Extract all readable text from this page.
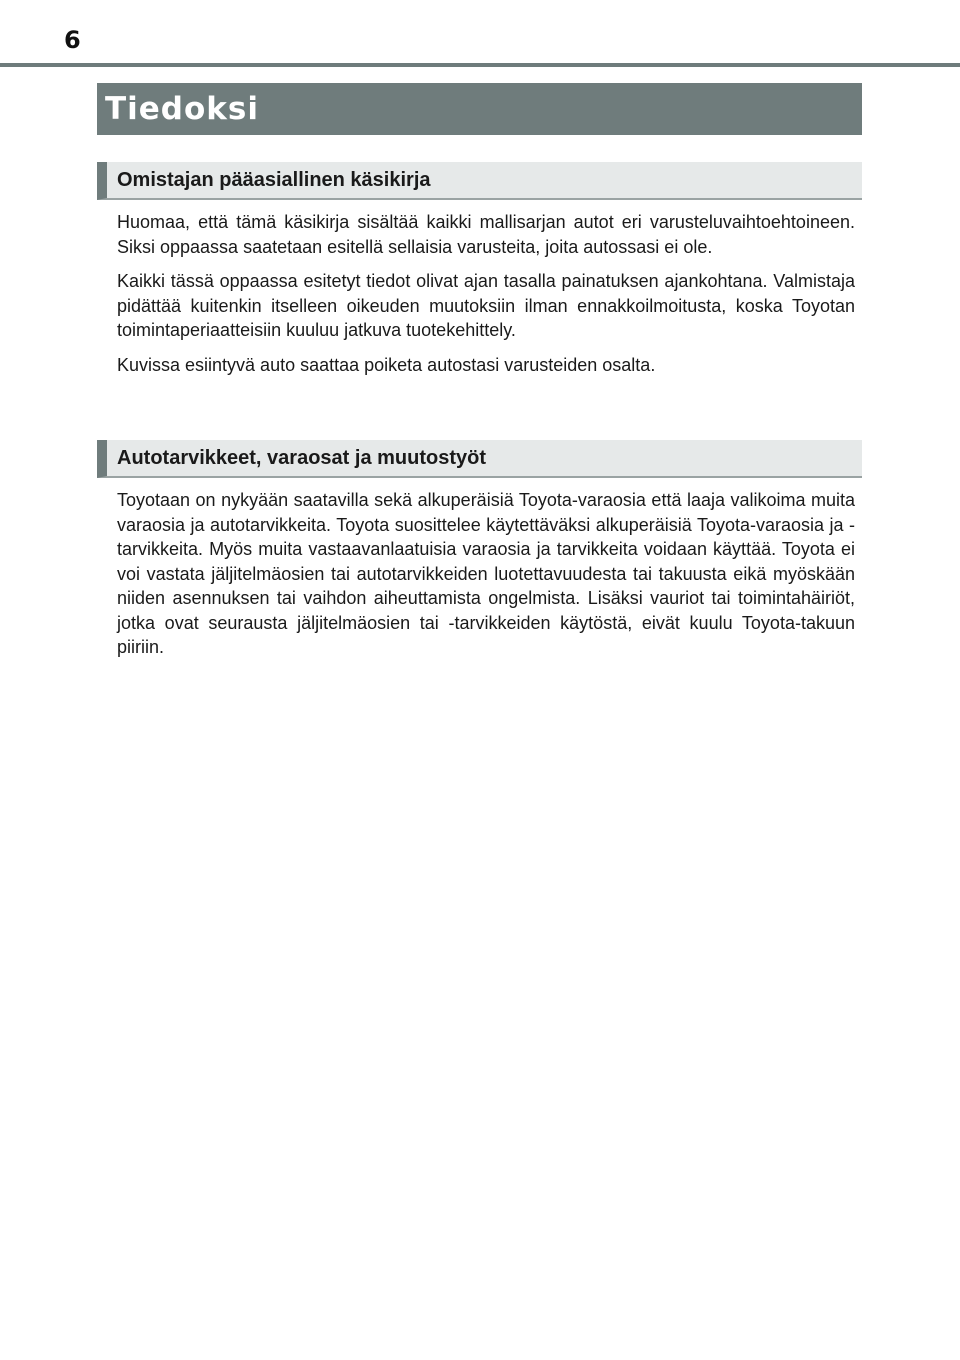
6
Tiedoksi
Omistajan pääasiallinen käsikirja

Huomaa, että tämä käsikirja sisältää kaikki mallisarjan autot eri varusteluvaihtoehtoineen. Siksi oppaassa saatetaan esitellä sellaisia varusteita, joita autossasi ei ole.

Kaikki tässä oppaassa esitetyt tiedot olivat ajan tasalla painatuksen ajankohtana. Valmistaja pidättää kuitenkin itselleen oikeuden muutoksiin ilman ennakkoilmoitusta, koska Toyotan toimintaperiaatteisiin kuuluu jatkuva tuotekehittely.

Kuvissa esiintyvä auto saattaa poiketa autostasi varusteiden osalta.

Autotarvikkeet, varaosat ja muutostyöt

Toyotaan on nykyään saatavilla sekä alkuperäisiä Toyota-varaosia että laaja valikoima muita varaosia ja autotarvikkeita. Toyota suosittelee käytettäväksi alkuperäisiä Toyota-varaosia ja -tarvikkeita. Myös muita vastaavanlaatuisia varaosia ja tarvikkeita voidaan käyttää. Toyota ei voi vastata jäljitelmäosien tai autotarvikkeiden luotettavuudesta tai takuusta eikä myöskään niiden asennuksen tai vaihdon aiheuttamista ongelmista. Lisäksi vauriot tai toimintahäiriöt, jotka ovat seurausta jäljitelmäosien tai -tarvikkeiden käytöstä, eivät kuulu Toyota-takuun piiriin.
